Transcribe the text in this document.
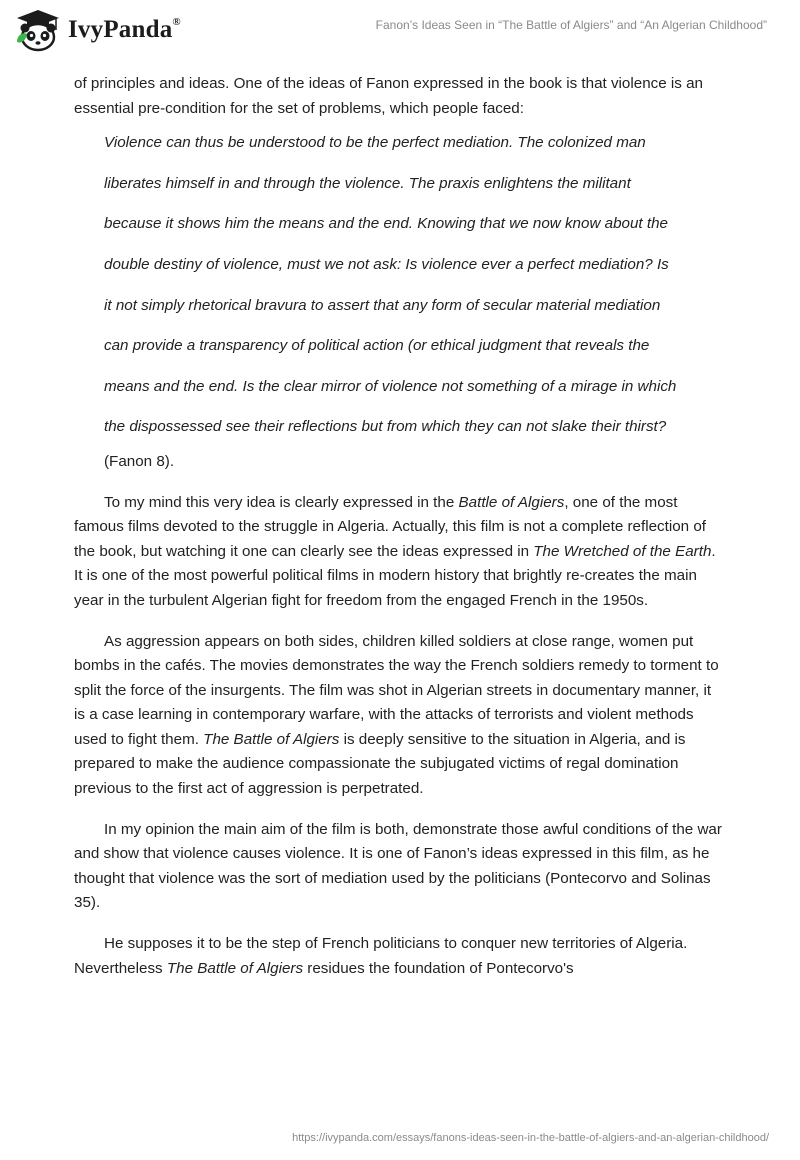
IvyPanda®	Fanon’s Ideas Seen in “The Battle of Algiers” and “An Algerian Childhood”

of principles and ideas. One of the ideas of Fanon expressed in the book is that violence is an essential pre-condition for the set of problems, which people faced:

Violence can thus be understood to be the perfect mediation. The colonized man

liberates himself in and through the violence. The praxis enlightens the militant

because it shows him the means and the end. Knowing that we now know about the

double destiny of violence, must we not ask: Is violence ever a perfect mediation? Is

it not simply rhetorical bravura to assert that any form of secular material mediation

can provide a transparency of political action (or ethical judgment that reveals the

means and the end. Is the clear mirror of violence not something of a mirage in which

the dispossessed see their reflections but from which they can not slake their thirst?

(Fanon 8).

To my mind this very idea is clearly expressed in the Battle of Algiers, one of the most famous films devoted to the struggle in Algeria. Actually, this film is not a complete reflection of the book, but watching it one can clearly see the ideas expressed in The Wretched of the Earth. It is one of the most powerful political films in modern history that brightly re-creates the main year in the turbulent Algerian fight for freedom from the engaged French in the 1950s.

As aggression appears on both sides, children killed soldiers at close range, women put bombs in the cafés. The movies demonstrates the way the French soldiers remedy to torment to split the force of the insurgents. The film was shot in Algerian streets in documentary manner, it is a case learning in contemporary warfare, with the attacks of terrorists and violent methods used to fight them. The Battle of Algiers is deeply sensitive to the situation in Algeria, and is prepared to make the audience compassionate the subjugated victims of regal domination previous to the first act of aggression is perpetrated.

In my opinion the main aim of the film is both, demonstrate those awful conditions of the war and show that violence causes violence. It is one of Fanon’s ideas expressed in this film, as he thought that violence was the sort of mediation used by the politicians (Pontecorvo and Solinas 35).

He supposes it to be the step of French politicians to conquer new territories of Algeria. Nevertheless The Battle of Algiers residues the foundation of Pontecorvo's

https://ivypanda.com/essays/fanons-ideas-seen-in-the-battle-of-algiers-and-an-algerian-childhood/
